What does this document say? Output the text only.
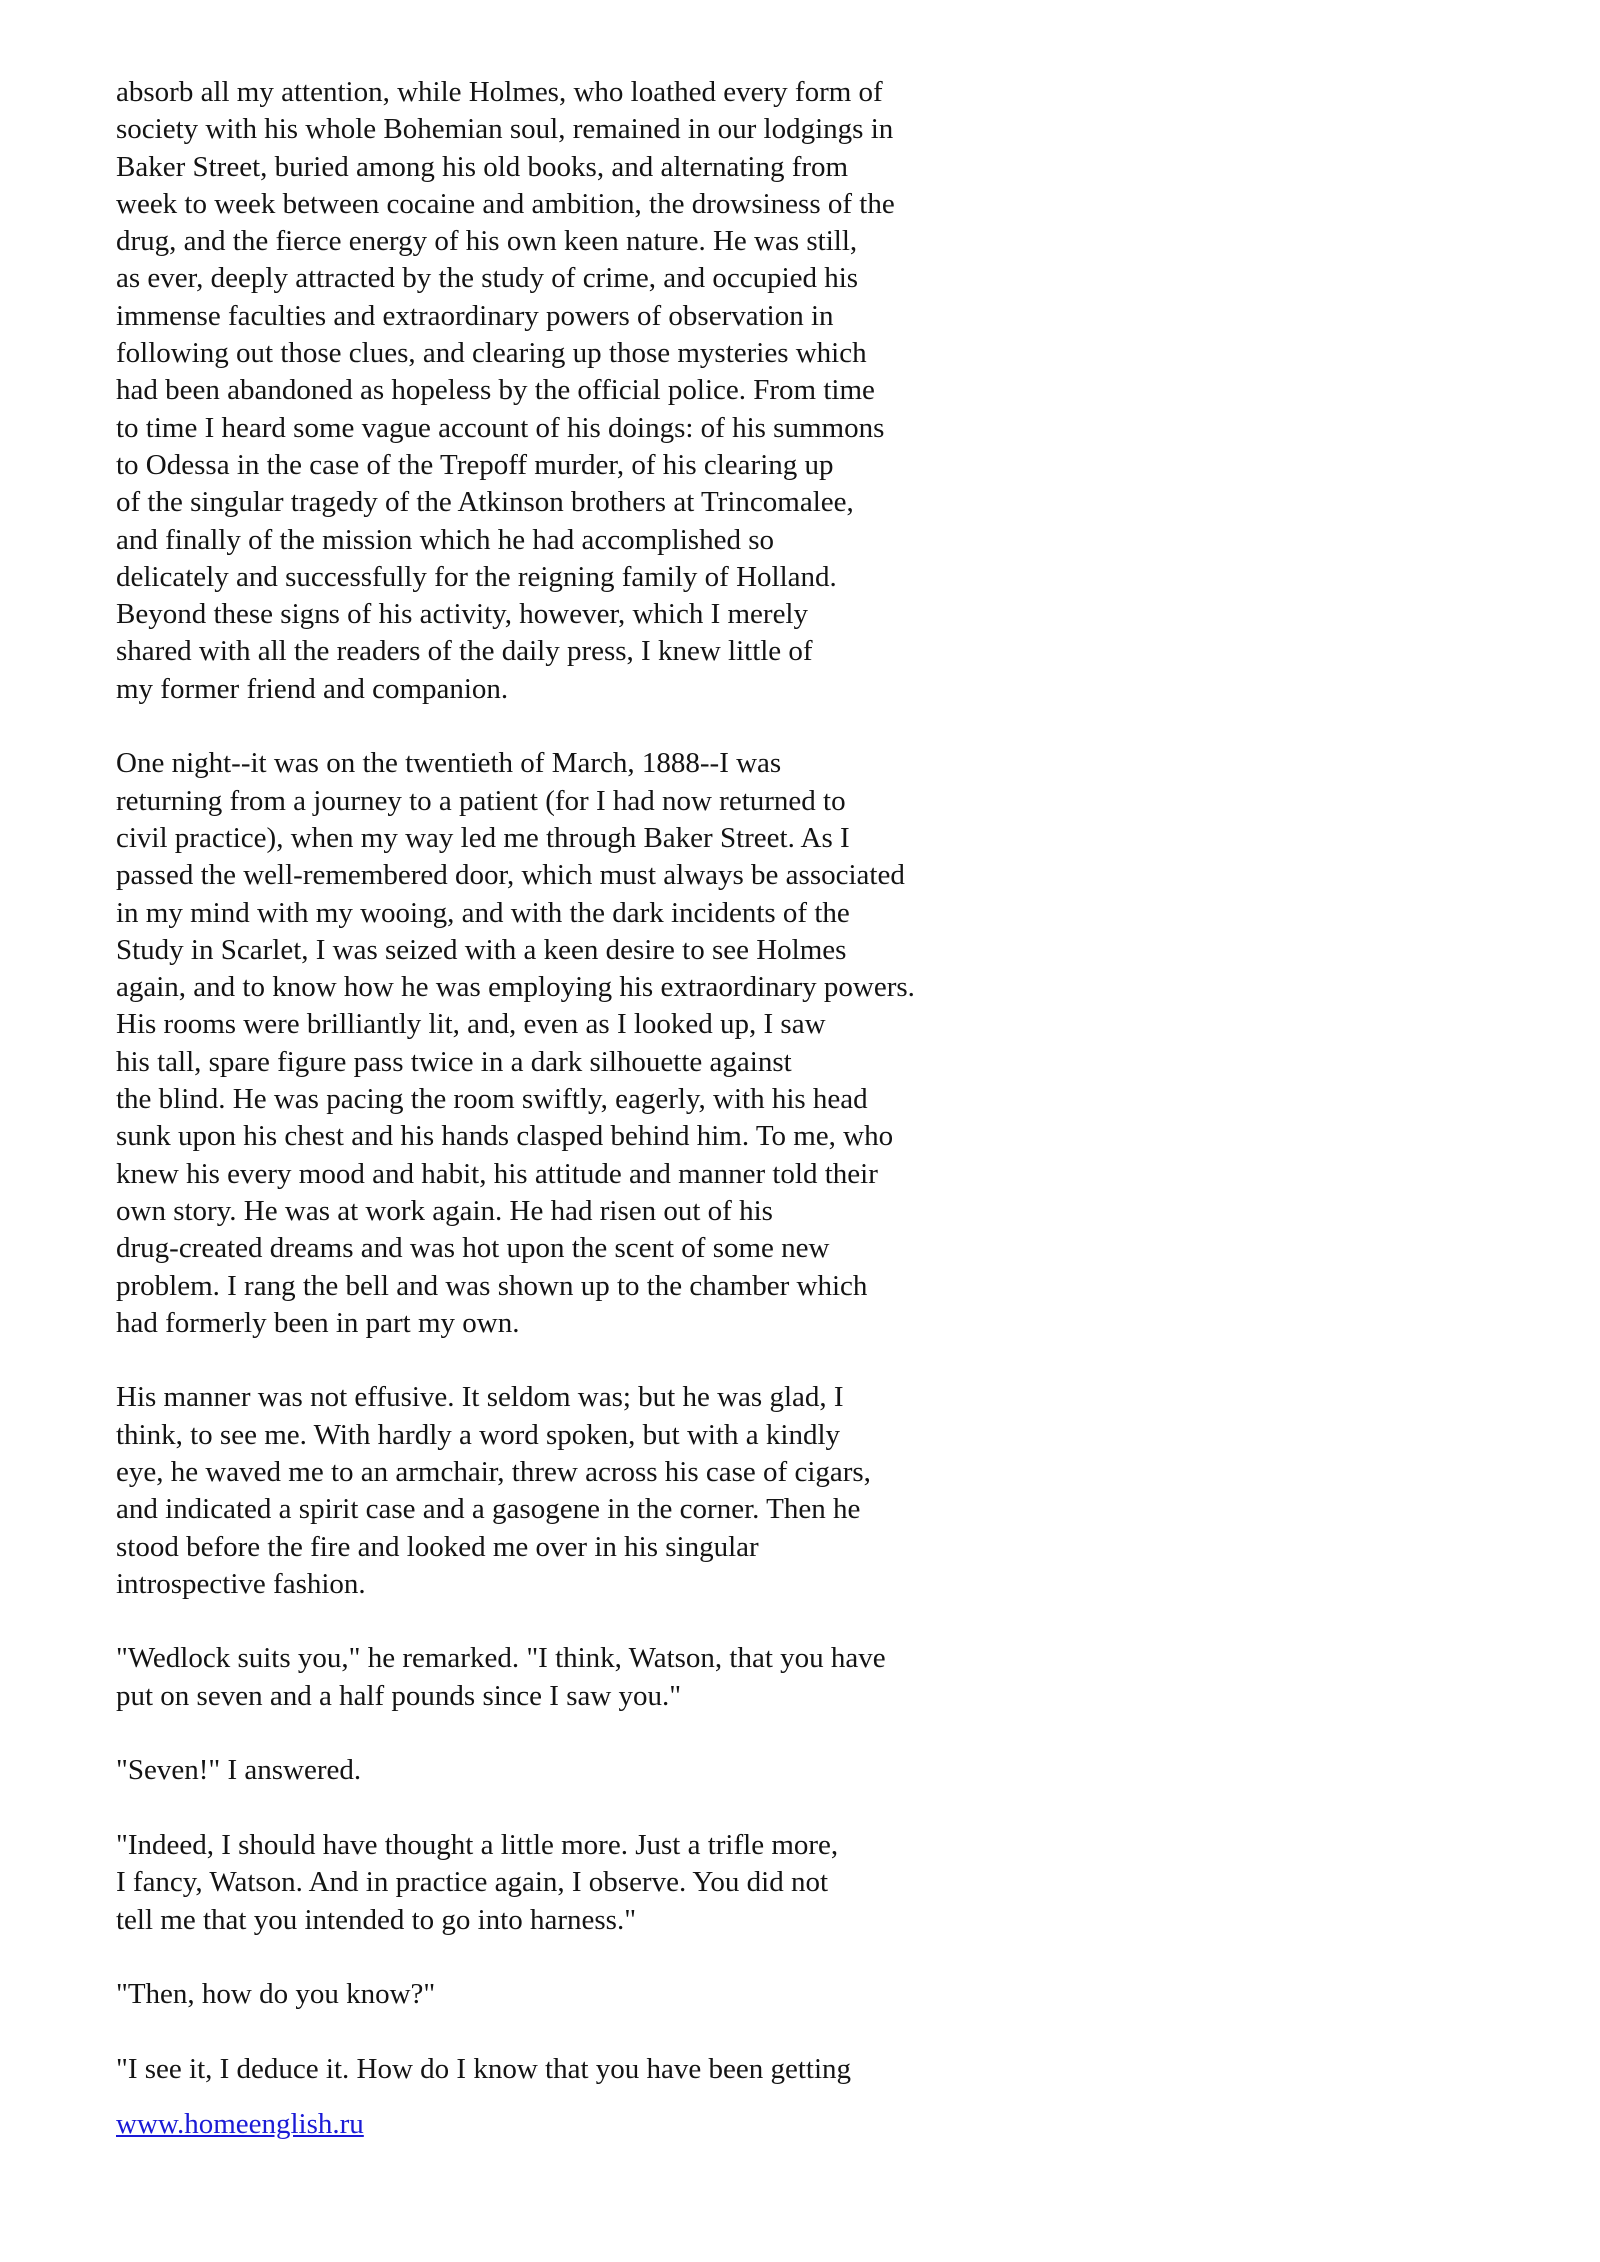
absorb all my attention, while Holmes, who loathed every form of
society with his whole Bohemian soul, remained in our lodgings in
Baker Street, buried among his old books, and alternating from
week to week between cocaine and ambition, the drowsiness of the
drug, and the fierce energy of his own keen nature. He was still,
as ever, deeply attracted by the study of crime, and occupied his
immense faculties and extraordinary powers of observation in
following out those clues, and clearing up those mysteries which
had been abandoned as hopeless by the official police. From time
to time I heard some vague account of his doings: of his summons
to Odessa in the case of the Trepoff murder, of his clearing up
of the singular tragedy of the Atkinson brothers at Trincomalee,
and finally of the mission which he had accomplished so
delicately and successfully for the reigning family of Holland.
Beyond these signs of his activity, however, which I merely
shared with all the readers of the daily press, I knew little of
my former friend and companion.

One night--it was on the twentieth of March, 1888--I was
returning from a journey to a patient (for I had now returned to
civil practice), when my way led me through Baker Street. As I
passed the well-remembered door, which must always be associated
in my mind with my wooing, and with the dark incidents of the
Study in Scarlet, I was seized with a keen desire to see Holmes
again, and to know how he was employing his extraordinary powers.
His rooms were brilliantly lit, and, even as I looked up, I saw
his tall, spare figure pass twice in a dark silhouette against
the blind. He was pacing the room swiftly, eagerly, with his head
sunk upon his chest and his hands clasped behind him. To me, who
knew his every mood and habit, his attitude and manner told their
own story. He was at work again. He had risen out of his
drug-created dreams and was hot upon the scent of some new
problem. I rang the bell and was shown up to the chamber which
had formerly been in part my own.

His manner was not effusive. It seldom was; but he was glad, I
think, to see me. With hardly a word spoken, but with a kindly
eye, he waved me to an armchair, threw across his case of cigars,
and indicated a spirit case and a gasogene in the corner. Then he
stood before the fire and looked me over in his singular
introspective fashion.

"Wedlock suits you," he remarked. "I think, Watson, that you have
put on seven and a half pounds since I saw you."

"Seven!" I answered.

"Indeed, I should have thought a little more. Just a trifle more,
I fancy, Watson. And in practice again, I observe. You did not
tell me that you intended to go into harness."

"Then, how do you know?"

"I see it, I deduce it. How do I know that you have been getting

www.homeenglish.ru
